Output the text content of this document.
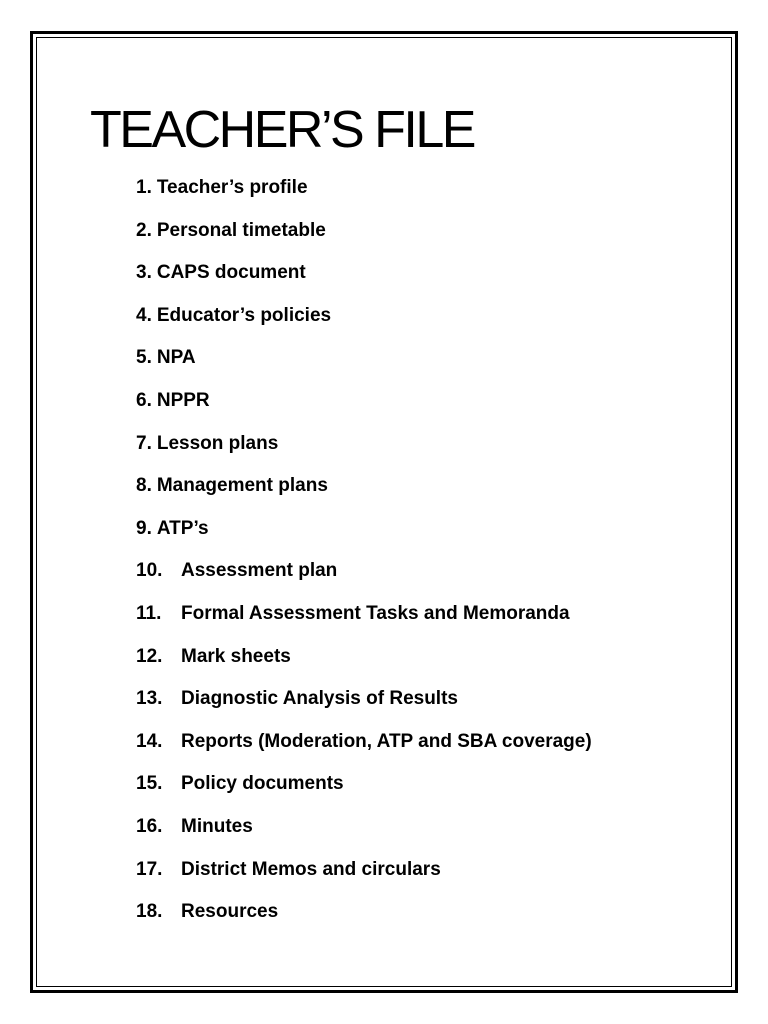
TEACHER’S FILE
1. Teacher’s profile
2. Personal timetable
3. CAPS document
4. Educator’s policies
5. NPA
6. NPPR
7. Lesson plans
8. Management plans
9. ATP’s
10. Assessment plan
11. Formal Assessment Tasks and Memoranda
12. Mark sheets
13. Diagnostic Analysis of Results
14. Reports (Moderation, ATP and SBA coverage)
15. Policy documents
16. Minutes
17. District Memos and circulars
18. Resources
